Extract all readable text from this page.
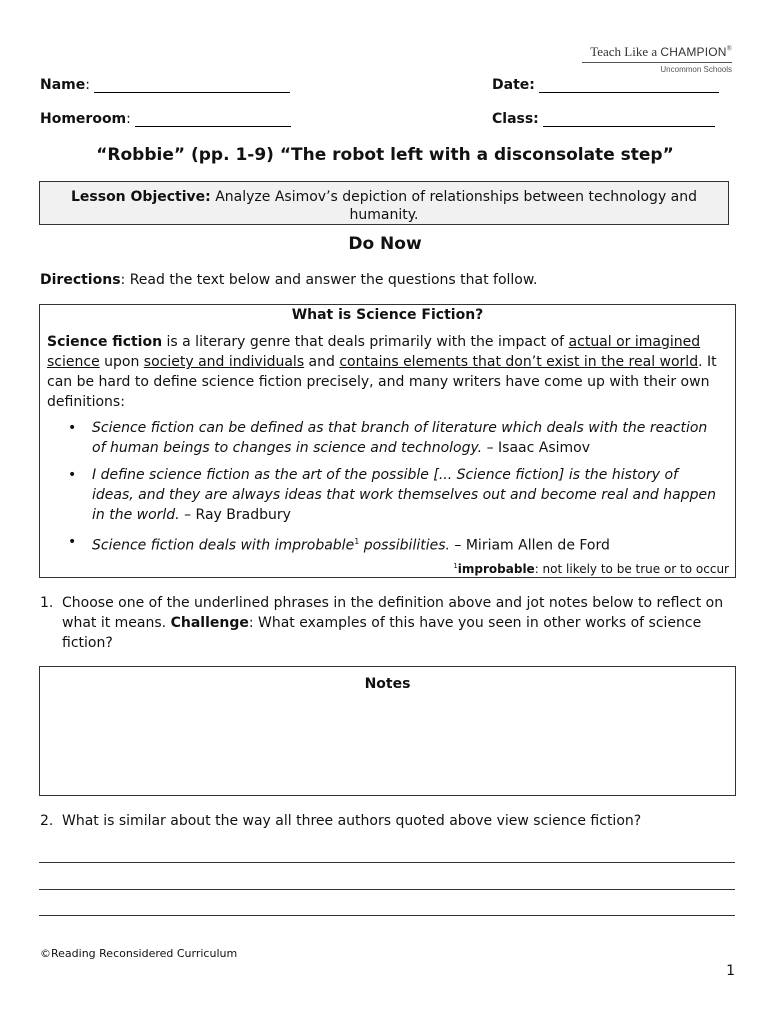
Teach Like a CHAMPION®
Uncommon Schools
Name:	Date:
Homeroom:	Class:
“Robbie” (pp. 1-9) “The robot left with a disconsolate step”
Lesson Objective: Analyze Asimov’s depiction of relationships between technology and humanity.
Do Now
Directions: Read the text below and answer the questions that follow.
What is Science Fiction?
Science fiction is a literary genre that deals primarily with the impact of actual or imagined science upon society and individuals and contains elements that don’t exist in the real world. It can be hard to define science fiction precisely, and many writers have come up with their own definitions:
• Science fiction can be defined as that branch of literature which deals with the reaction of human beings to changes in science and technology. – Isaac Asimov
• I define science fiction as the art of the possible [... Science fiction] is the history of ideas, and they are always ideas that work themselves out and become real and happen in the world. – Ray Bradbury
• Science fiction deals with improbable$^1$ possibilities. – Miriam Allen de Ford
$^1$improbable: not likely to be true or to occur
1. Choose one of the underlined phrases in the definition above and jot notes below to reflect on what it means. Challenge: What examples of this have you seen in other works of science fiction?
Notes
2. What is similar about the way all three authors quoted above view science fiction?
©Reading Reconsidered Curriculum
1
